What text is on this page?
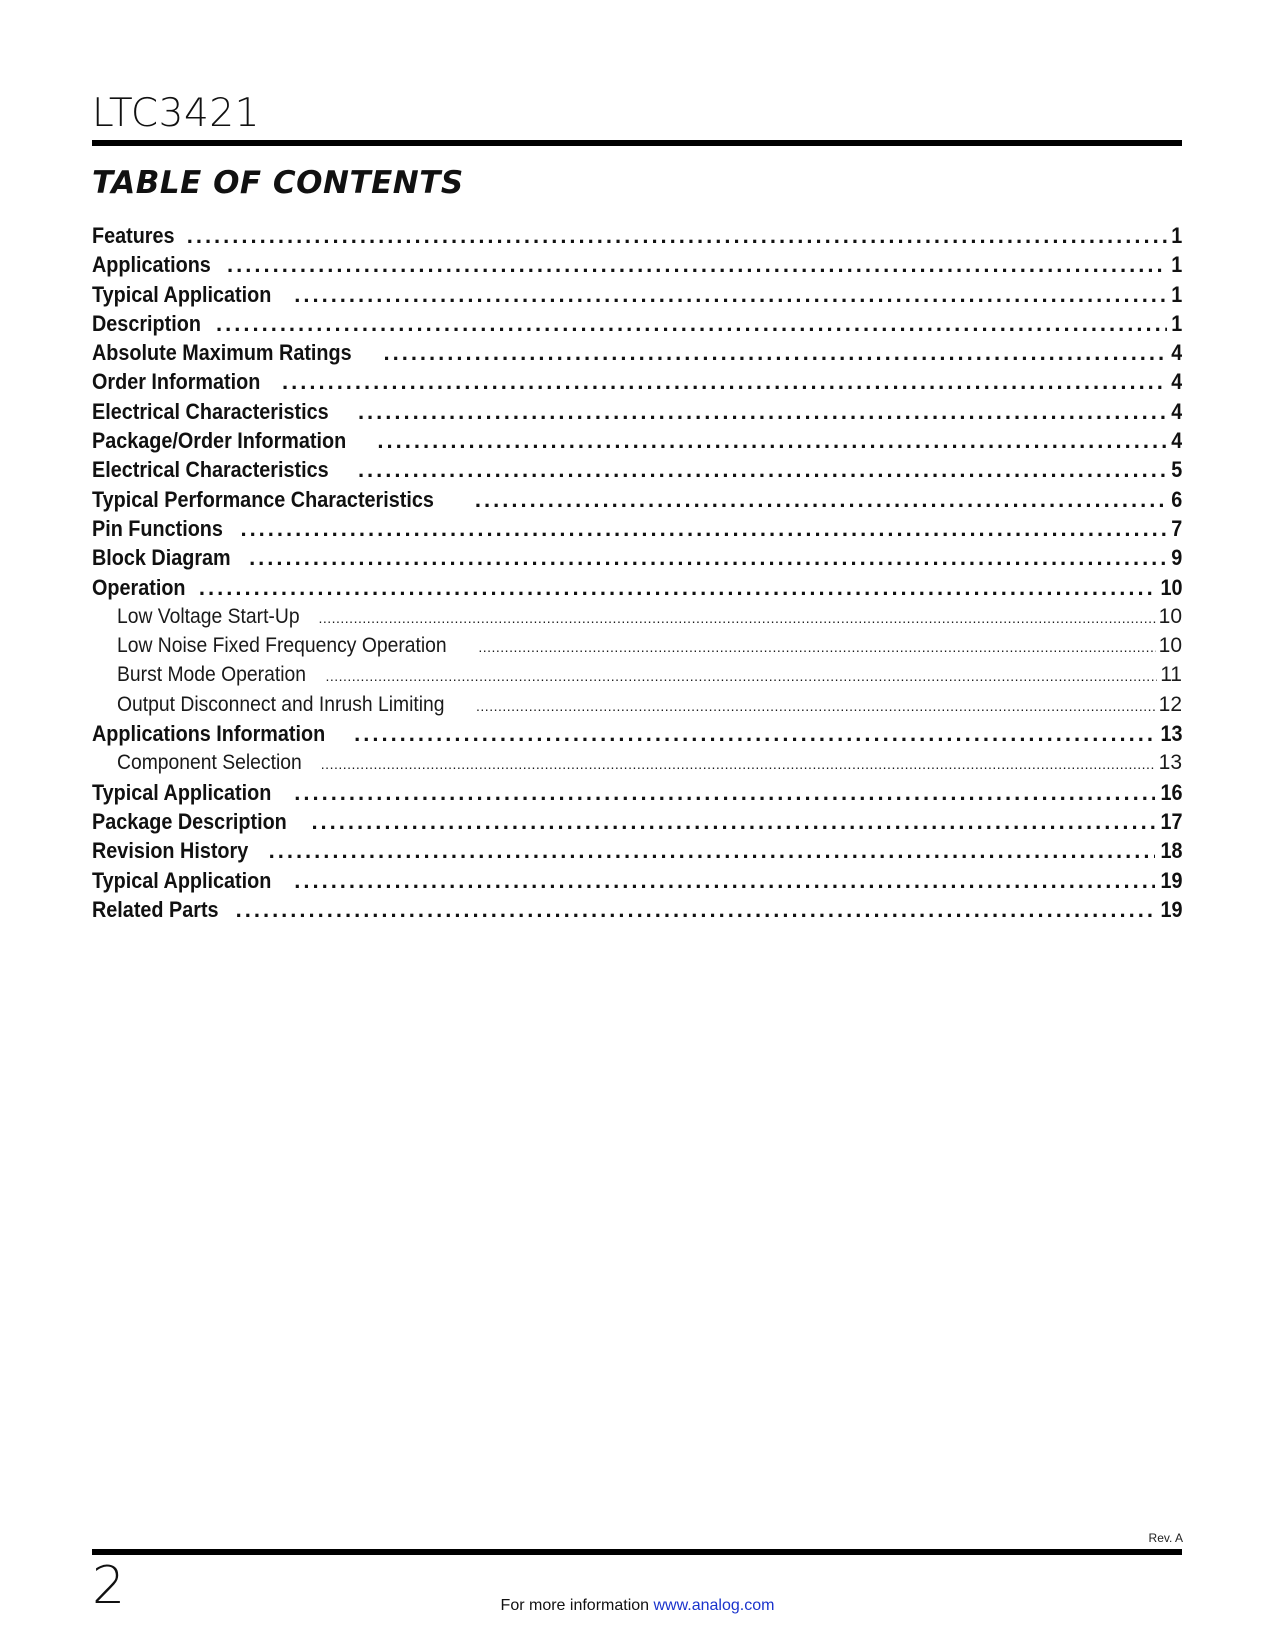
LTC3421
TABLE OF CONTENTS
Features .....	1
Applications .....	1
Typical Application .....	1
Description .....	1
Absolute Maximum Ratings .....	4
Order Information .....	4
Electrical Characteristics .....	4
Package/Order Information .....	4
Electrical Characteristics .....	5
Typical Performance Characteristics .....	6
Pin Functions .....	7
Block Diagram .....	9
Operation .....	10
Low Voltage Start-Up .....	10
Low Noise Fixed Frequency Operation .....	10
Burst Mode Operation .....	11
Output Disconnect and Inrush Limiting .....	12
Applications Information .....	13
Component Selection .....	13
Typical Application .....	16
Package Description .....	17
Revision History .....	18
Typical Application .....	19
Related Parts .....	19
Rev. A
2	For more information www.analog.com
